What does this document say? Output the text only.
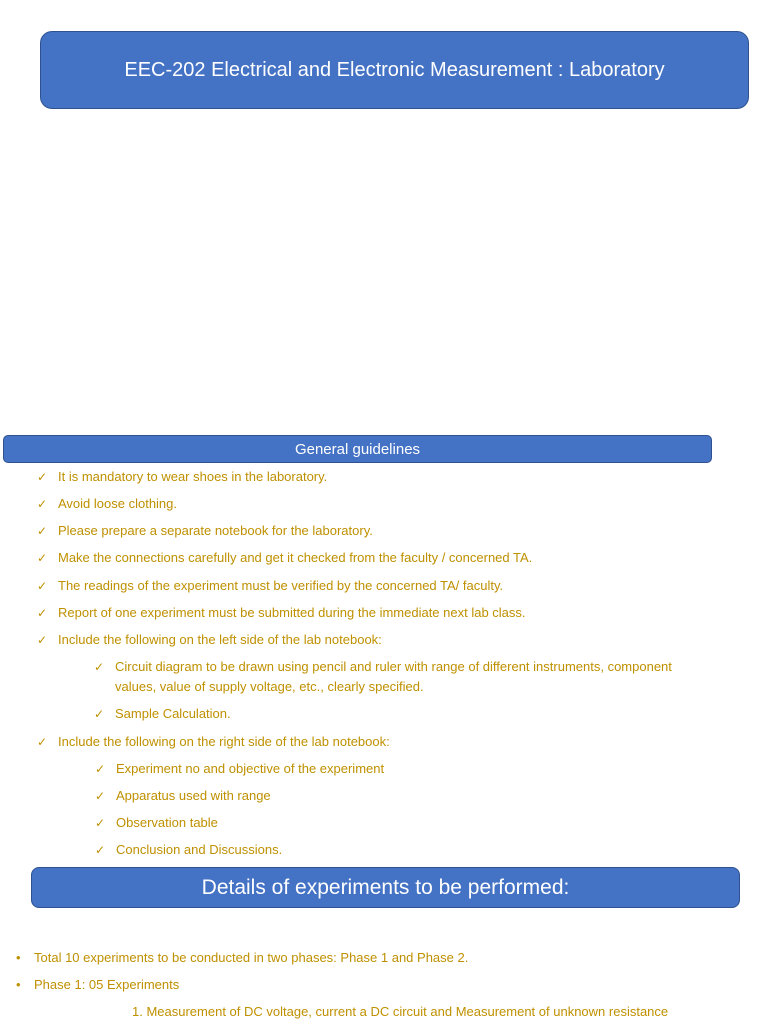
EEC-202 Electrical and Electronic Measurement : Laboratory
General guidelines
✓ It is mandatory to wear shoes in the laboratory.
✓ Avoid loose clothing.
✓ Please prepare a separate notebook for the laboratory.
✓ Make the connections carefully and get it checked from the faculty / concerned TA.
✓ The readings of the experiment must be verified by the concerned TA/ faculty.
✓ Report of one experiment must be submitted during the immediate next lab class.
✓ Include the following on the left side of the lab notebook:
✓ Circuit diagram to be drawn using pencil and ruler with range of different instruments, component values, value of supply voltage, etc., clearly specified.
✓ Sample Calculation.
✓ Include the following on the right side of the lab notebook:
✓ Experiment no and objective of the experiment
✓ Apparatus used with range
✓ Observation table
✓ Conclusion and Discussions.
Details of experiments to be performed:
• Total 10 experiments to be conducted in two phases: Phase 1 and Phase 2.
• Phase 1: 05 Experiments
1. Measurement of DC voltage, current a DC circuit and Measurement of unknown resistance
